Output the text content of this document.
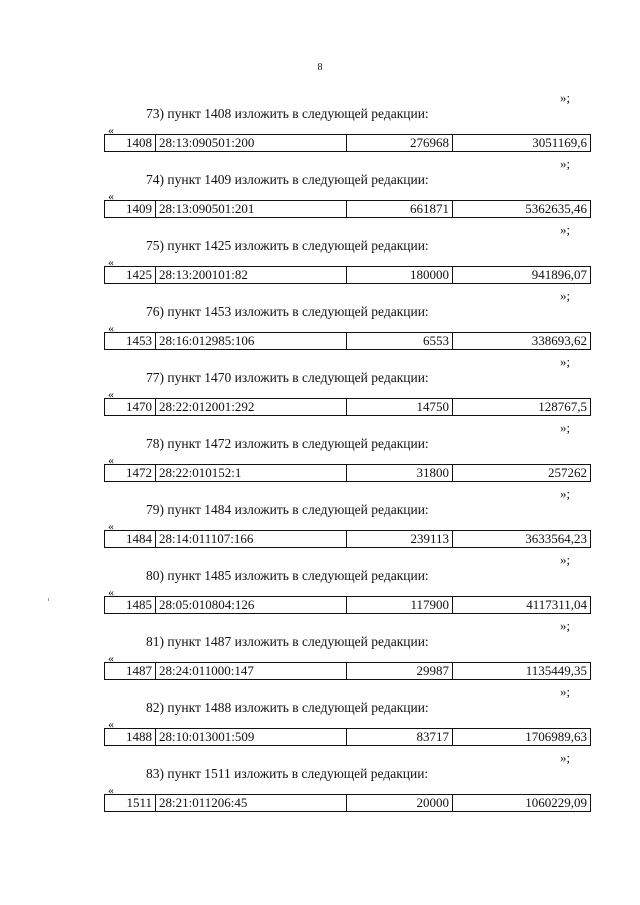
8
»;
73) пункт 1408 изложить в следующей редакции:
«
1408 28:13:090501:200	276968	3051169,6
»;
74) пункт 1409 изложить в следующей редакции:
«
1409 28:13:090501:201	661871	5362635,46
»;
75) пункт 1425 изложить в следующей редакции:
«
1425 28:13:200101:82	180000	941896,07
»;
76) пункт 1453 изложить в следующей редакции:
«
1453 28:16:012985:106	6553	338693,62
»;
77) пункт 1470 изложить в следующей редакции:
«
1470 28:22:012001:292	14750	128767,5
»;
78) пункт 1472 изложить в следующей редакции:
«
1472 28:22:010152:1	31800	257262
»;
79) пункт 1484 изложить в следующей редакции:
«
1484 28:14:011107:166	239113	3633564,23
»;
80) пункт 1485 изложить в следующей редакции:
«
1485 28:05:010804:126	117900	4117311,04
»;
81) пункт 1487 изложить в следующей редакции:
«
1487 28:24:011000:147	29987	1135449,35
»;
82) пункт 1488 изложить в следующей редакции:
«
1488 28:10:013001:509	83717	1706989,63
»;
83) пункт 1511 изложить в следующей редакции:
«
1511 28:21:011206:45	20000	1060229,09
